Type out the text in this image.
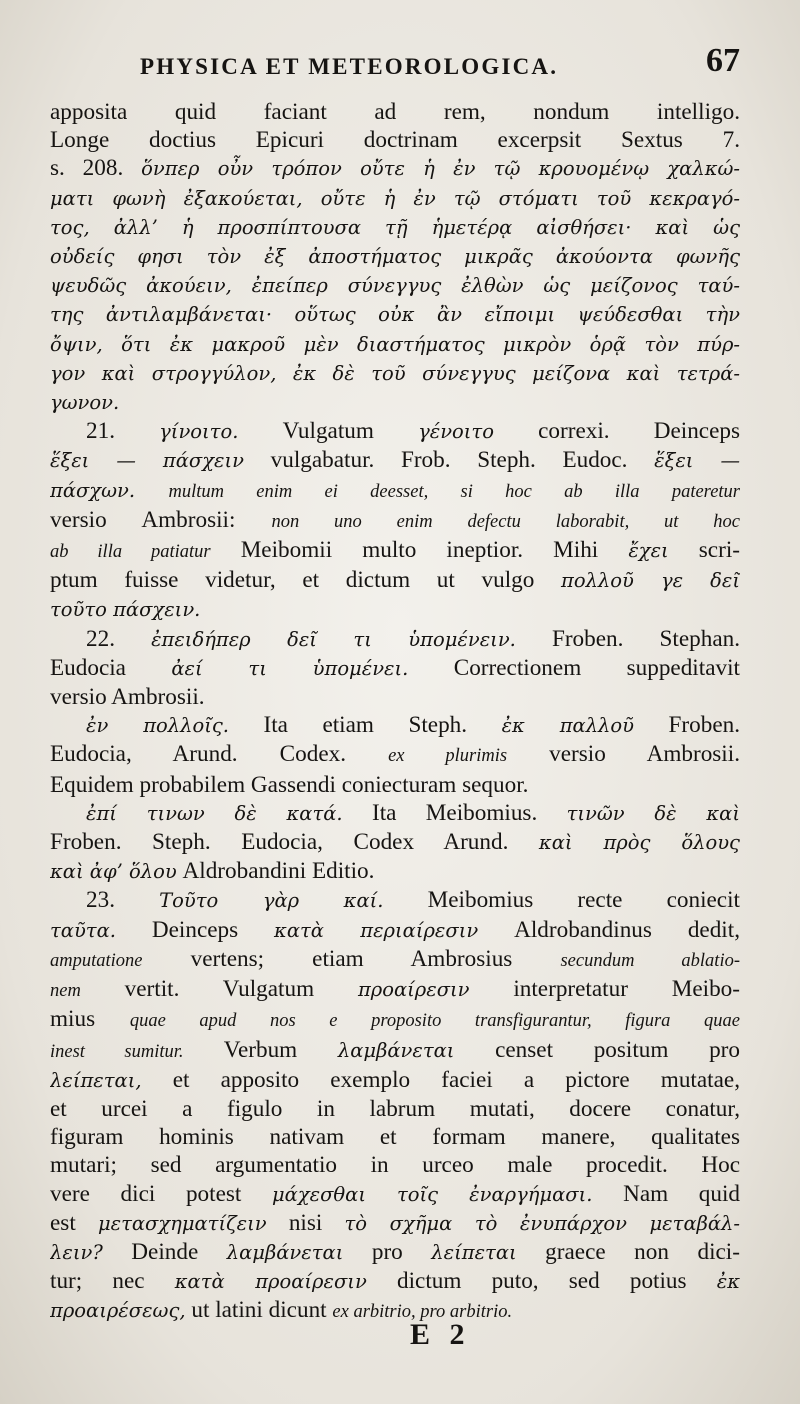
PHYSICA ET METEOROLOGICA.	67
apposita quid faciant ad rem, nondum intelligo.
Longe doctius Epicuri doctrinam excerpsit Sextus 7.
s. 208. ὅνπερ οὖν τρόπον οὔτε ἡ ἐν τῷ κρουομένῳ χαλκώ-
ματι φωνὴ ἐξακούεται, οὔτε ἡ ἐν τῷ στόματι τοῦ κεκραγό-
τος, ἀλλ’ ἡ προσπίπτουσα τῇ ἡμετέρᾳ αἰσθήσει· καὶ ὡς
οὐδείς φησι τὸν ἐξ ἀποστήματος μικρᾶς ἀκούοντα φωνῆς
ψευδῶς ἀκούειν, ἐπείπερ σύνεγγυς ἐλθὼν ὡς μείζονος ταύ-
της ἀντιλαμβάνεται· οὕτως οὐκ ἂν εἴποιμι ψεύδεσθαι τὴν
ὄψιν, ὅτι ἐκ μακροῦ μὲν διαστήματος μικρὸν ὁρᾷ τὸν πύρ-
γον καὶ στρογγύλον, ἐκ δὲ τοῦ σύνεγγυς μείζονα καὶ τετρά-
γωνον.
21. γίνοιτο. Vulgatum γένοιτο correxi. Deinceps
ἕξει — πάσχειν vulgabatur. Frob. Steph. Eudoc. ἕξει —
πάσχων. multum enim ei deesset, si hoc ab illa pateretur
versio Ambrosii: non uno enim defectu laborabit, ut hoc
ab illa patiatur Meibomii multo ineptior. Mihi ἔχει scri-
ptum fuisse videtur, et dictum ut vulgo πολλοῦ γε δεῖ
τοῦτο πάσχειν.
22. ἐπειδήπερ δεῖ τι ὑπομένειν. Froben. Stephan.
Eudocia ἀεί τι ὑπομένει. Correctionem suppeditavit
versio Ambrosii.
ἐν πολλοῖς. Ita etiam Steph. ἐκ παλλοῦ Froben.
Eudocia, Arund. Codex. ex plurimis versio Ambrosii.
Equidem probabilem Gassendi coniecturam sequor.
ἐπί τινων δὲ κατά. Ita Meibomius. τινῶν δὲ καὶ
Froben. Steph. Eudocia, Codex Arund. καὶ πρὸς ὅλους
καὶ ἀφ’ ὅλου Aldrobandini Editio.
23. Τοῦτο γὰρ καί. Meibomius recte coniecit
ταῦτα. Deinceps κατὰ περιαίρεσιν Aldrobandinus dedit,
amputatione vertens; etiam Ambrosius secundum ablatio-
nem vertit. Vulgatum προαίρεσιν interpretatur Meibo-
mius quae apud nos e proposito transfigurantur, figura quae
inest sumitur. Verbum λαμβάνεται censet positum pro
λείπεται, et apposito exemplo faciei a pictore mutatae,
et urcei a figulo in labrum mutati, docere conatur,
figuram hominis nativam et formam manere, qualitates
mutari; sed argumentatio in urceo male procedit. Hoc
vere dici potest μάχεσθαι τοῖς ἐναργήμασι. Nam quid
est μετασχηματίζειν nisi τὸ σχῆμα τὸ ἐνυπάρχον μεταβάλ-
λειν? Deinde λαμβάνεται pro λείπεται graece non dici-
tur; nec κατὰ προαίρεσιν dictum puto, sed potius ἐκ
προαιρέσεως, ut latini dicunt ex arbitrio, pro arbitrio.
E 2
